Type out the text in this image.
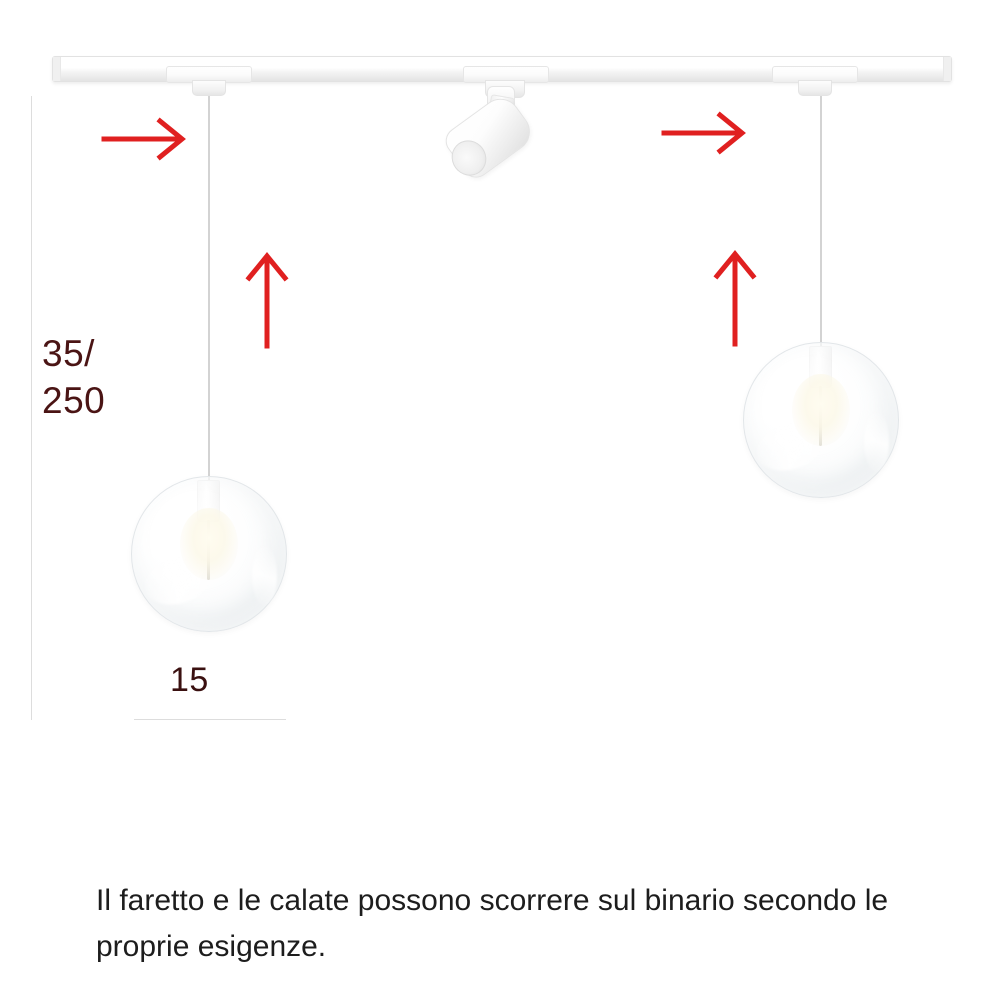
35/
250
15
Il faretto e le calate possono scorrere sul binario secondo le proprie esigenze.
